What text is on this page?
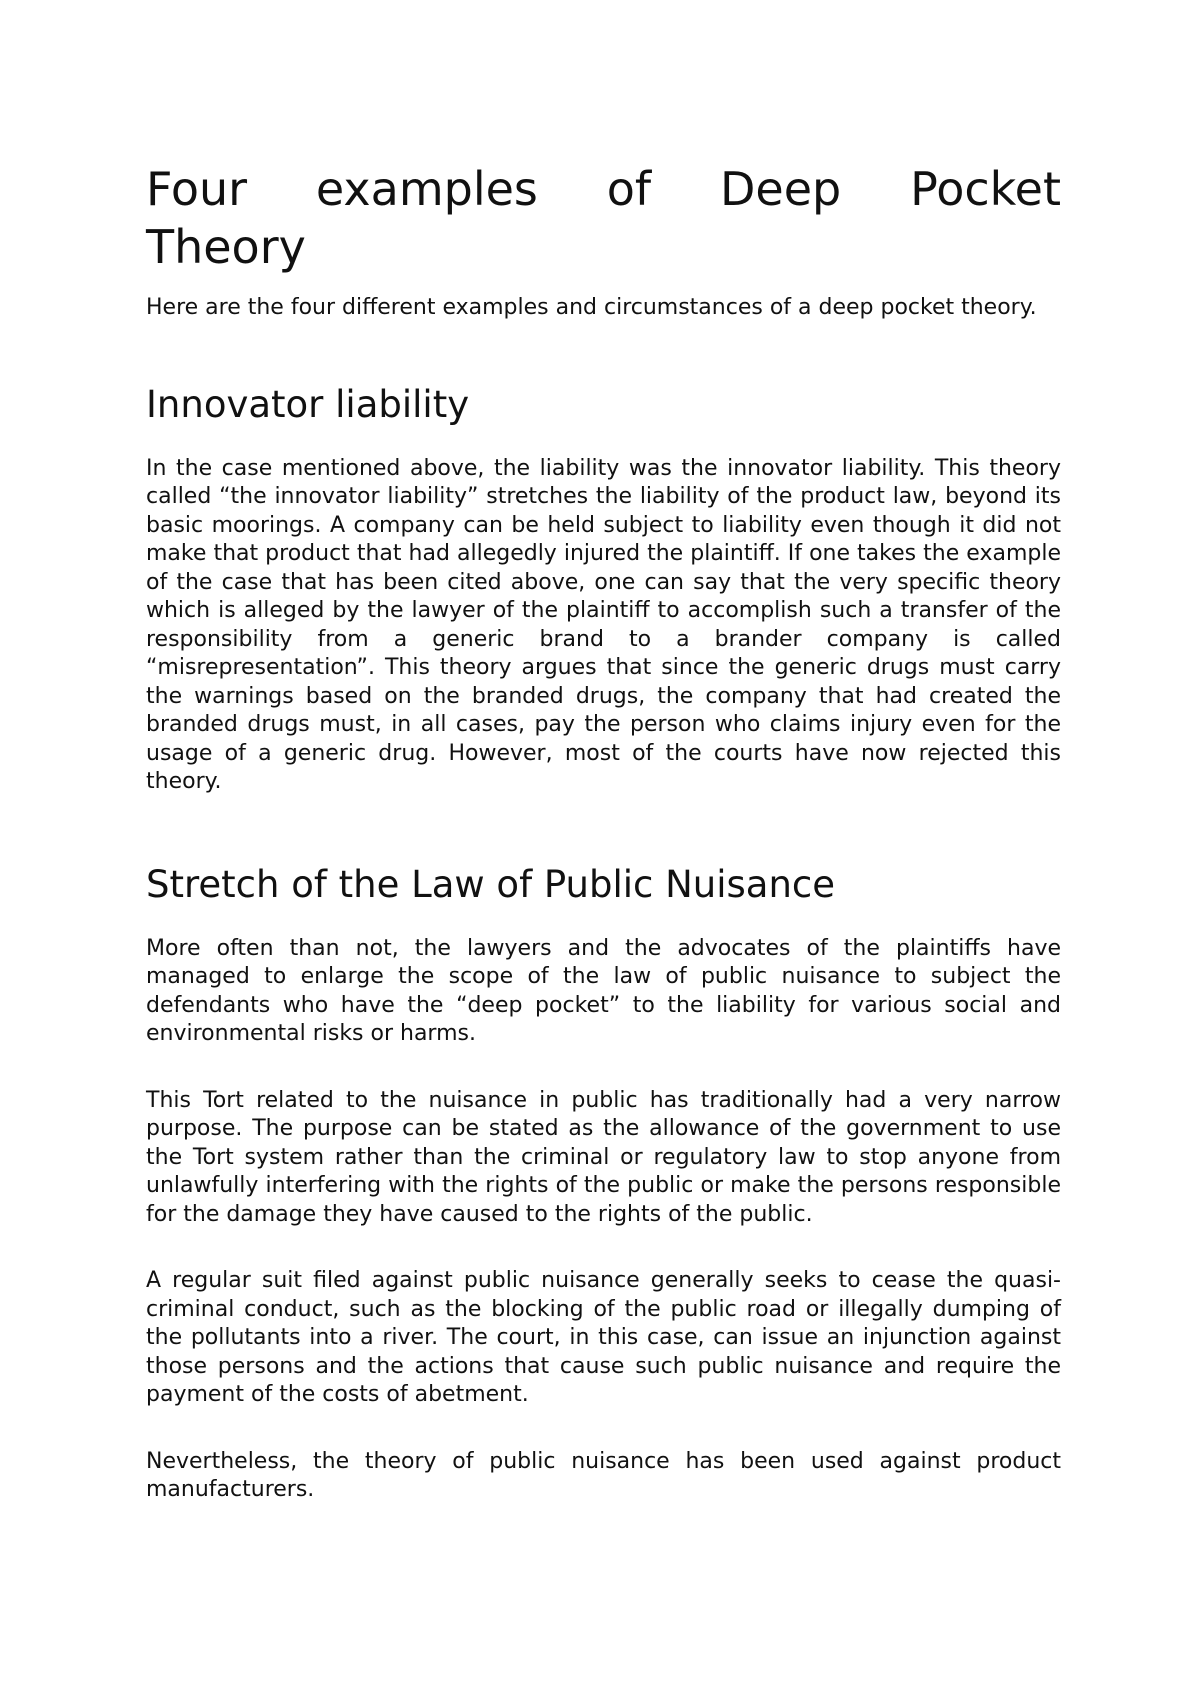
Four examples of Deep Pocket
Theory

Here are the four different examples and circumstances of a deep pocket theory.

Innovator liability

In the case mentioned above, the liability was the innovator liability. This theory called “the innovator liability” stretches the liability of the product law, beyond its basic moorings. A company can be held subject to liability even though it did not make that product that had allegedly injured the plaintiff. If one takes the example of the case that has been cited above, one can say that the very specific theory which is alleged by the lawyer of the plaintiff to accomplish such a transfer of the responsibility from a generic brand to a brander company is called “misrepresentation”. This theory argues that since the generic drugs must carry the warnings based on the branded drugs, the company that had created the branded drugs must, in all cases, pay the person who claims injury even for the usage of a generic drug. However, most of the courts have now rejected this theory.

Stretch of the Law of Public Nuisance

More often than not, the lawyers and the advocates of the plaintiffs have managed to enlarge the scope of the law of public nuisance to subject the defendants who have the “deep pocket” to the liability for various social and environmental risks or harms.

This Tort related to the nuisance in public has traditionally had a very narrow purpose. The purpose can be stated as the allowance of the government to use the Tort system rather than the criminal or regulatory law to stop anyone from unlawfully interfering with the rights of the public or make the persons responsible for the damage they have caused to the rights of the public.

A regular suit filed against public nuisance generally seeks to cease the quasi-criminal conduct, such as the blocking of the public road or illegally dumping of the pollutants into a river. The court, in this case, can issue an injunction against those persons and the actions that cause such public nuisance and require the payment of the costs of abetment.

Nevertheless, the theory of public nuisance has been used against product manufacturers.
